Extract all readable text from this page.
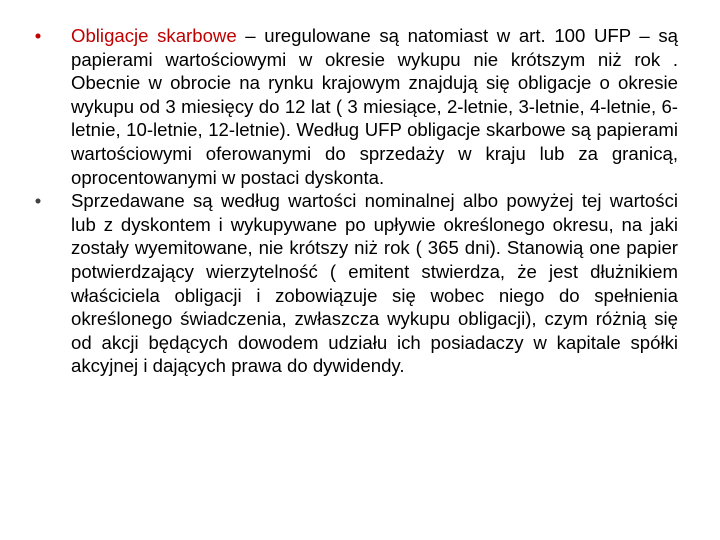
•	Obligacje skarbowe – uregulowane są natomiast w art. 100 UFP – są papierami wartościowymi w okresie wykupu nie krótszym niż rok . Obecnie w obrocie na rynku krajowym znajdują się obligacje o okresie wykupu od 3 miesięcy do 12 lat ( 3 miesiące, 2-letnie, 3-letnie, 4-letnie, 6-letnie, 10-letnie, 12-letnie). Według UFP obligacje skarbowe są papierami wartościowymi oferowanymi do sprzedaży w kraju lub za granicą, oprocentowanymi w postaci dyskonta.
•	Sprzedawane są według wartości nominalnej albo powyżej tej wartości lub z dyskontem i wykupywane po upływie określonego okresu, na jaki zostały wyemitowane, nie krótszy niż rok ( 365 dni). Stanowią one papier potwierdzający wierzytelność ( emitent stwierdza, że jest dłużnikiem właściciela obligacji i zobowiązuje się wobec niego do spełnienia określonego świadczenia, zwłaszcza wykupu obligacji), czym różnią się od akcji będących dowodem udziału ich posiadaczy w kapitale spółki akcyjnej i dających prawa do dywidendy.
